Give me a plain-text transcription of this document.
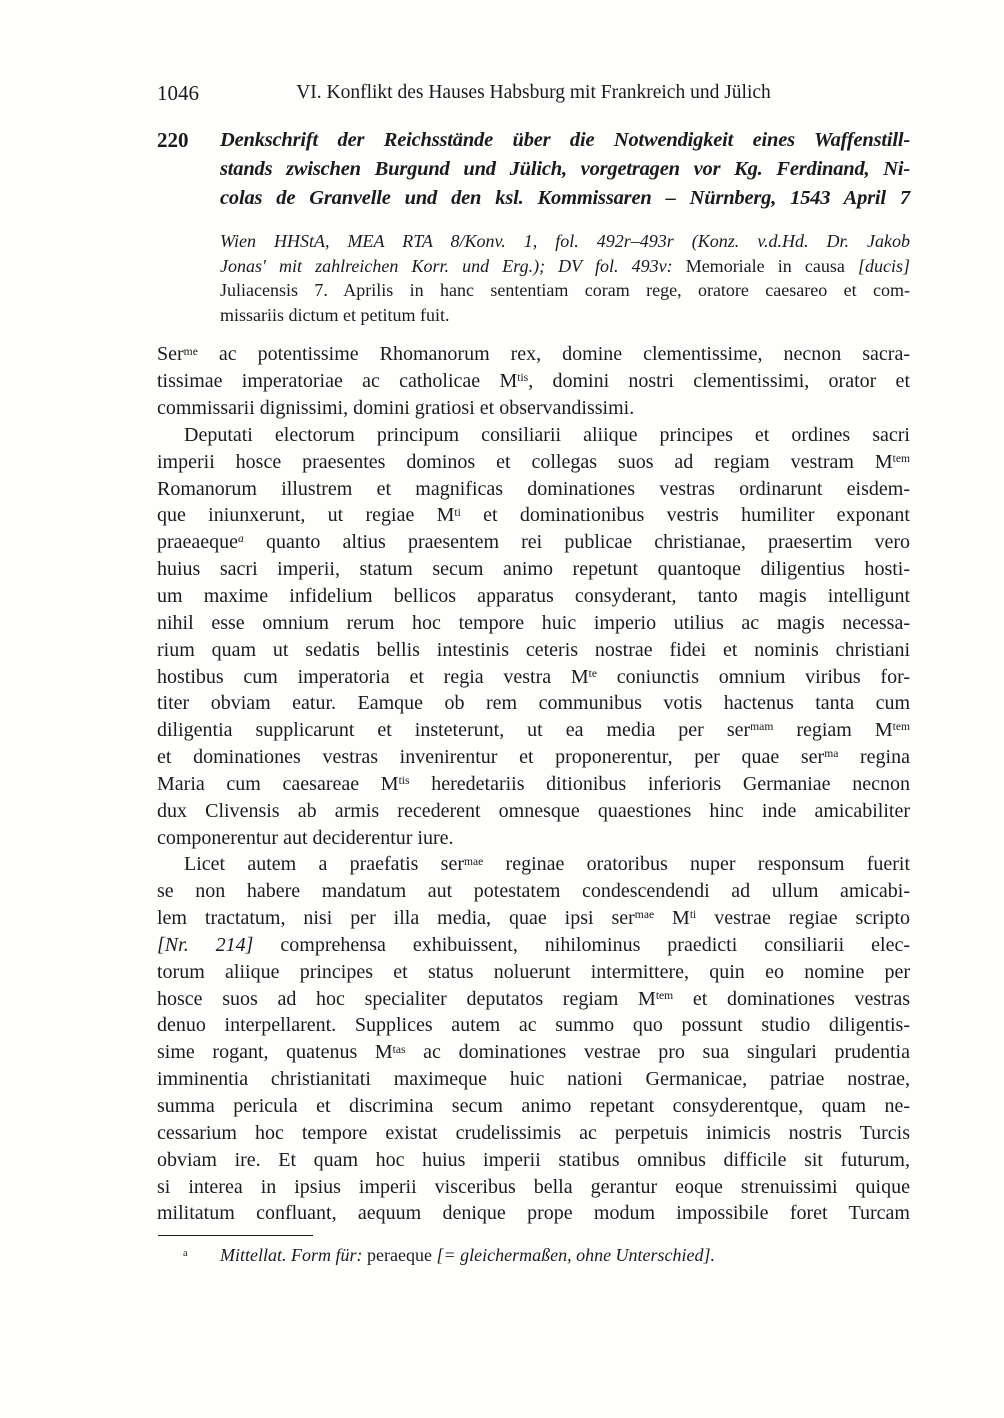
1046	VI. Konflikt des Hauses Habsburg mit Frankreich und Jülich
220	Denkschrift der Reichsstände über die Notwendigkeit eines Waffenstill-
stands zwischen Burgund und Jülich, vorgetragen vor Kg. Ferdinand, Ni-
colas de Granvelle und den ksl. Kommissaren – Nürnberg, 1543 April 7
Wien HHStA, MEA RTA 8/Konv. 1, fol. 492r–493r (Konz. v.d.Hd. Dr. Jakob
Jonas' mit zahlreichen Korr. und Erg.); DV fol. 493v: Memoriale in causa [ducis]
Juliacensis 7. Aprilis in hanc sententiam coram rege, oratore caesareo et com-
missariis dictum et petitum fuit.
Ser$^{me}$ ac potentissime Rhomanorum rex, domine clementissime, necnon sacra-
tissimae imperatoriae ac catholicae $M^{tis}$, domini nostri clementissimi, orator et
commissarii dignissimi, domini gratiosi et observandissimi.
Deputati electorum principum consiliarii aliique principes et ordines sacri
imperii hosce praesentes dominos et collegas suos ad regiam vestram $M^{tem}$
Romanorum illustrem et magnificas dominationes vestras ordinarunt eisdem-
que iniunxerunt, ut regiae $M^{ti}$ et dominationibus vestris humiliter exponant
praeaeque$^a$ quanto altius praesentem rei publicae christianae, praesertim vero
huius sacri imperii, statum secum animo repetunt quantoque diligentius hosti-
um maxime infidelium bellicos apparatus consyderant, tanto magis intelligunt
nihil esse omnium rerum hoc tempore huic imperio utilius ac magis necessa-
rium quam ut sedatis bellis intestinis ceteris nostrae fidei et nominis christiani
hostibus cum imperatoria et regia vestra $M^{te}$ coniunctis omnium viribus for-
titer obviam eatur. Eamque ob rem communibus votis hactenus tanta cum
diligentia supplicarunt et insteterunt, ut ea media per ser$^{mam}$ regiam $M^{tem}$
et dominationes vestras invenirentur et proponerentur, per quae ser$^{ma}$ regina
Maria cum caesareae $M^{tis}$ heredetariis ditionibus inferioris Germaniae necnon
dux Clivensis ab armis recederent omnesque quaestiones hinc inde amicabiliter
componerentur aut deciderentur iure.
Licet autem a praefatis ser$^{mae}$ reginae oratoribus nuper responsum fuerit
se non habere mandatum aut potestatem condescendendi ad ullum amicabi-
lem tractatum, nisi per illa media, quae ipsi ser$^{mae}$ $M^{ti}$ vestrae regiae scripto
[Nr. 214] comprehensa exhibuissent, nihilominus praedicti consiliarii elec-
torum aliique principes et status noluerunt intermittere, quin eo nomine per
hosce suos ad hoc specialiter deputatos regiam $M^{tem}$ et dominationes vestras
denuo interpellarent. Supplices autem ac summo quo possunt studio diligentis-
sime rogant, quatenus $M^{tas}$ ac dominationes vestrae pro sua singulari prudentia
imminentia christianitati maximeque huic nationi Germanicae, patriae nostrae,
summa pericula et discrimina secum animo repetant consyderentque, quam ne-
cessarium hoc tempore existat crudelissimis ac perpetuis inimicis nostris Turcis
obviam ire. Et quam hoc huius imperii statibus omnibus difficile sit futurum,
si interea in ipsius imperii visceribus bella gerantur eoque strenuissimi quique
militatum confluant, aequum denique prope modum impossibile foret Turcam
$^a$	Mittellat. Form für: peraeque [= gleichermaßen, ohne Unterschied].
